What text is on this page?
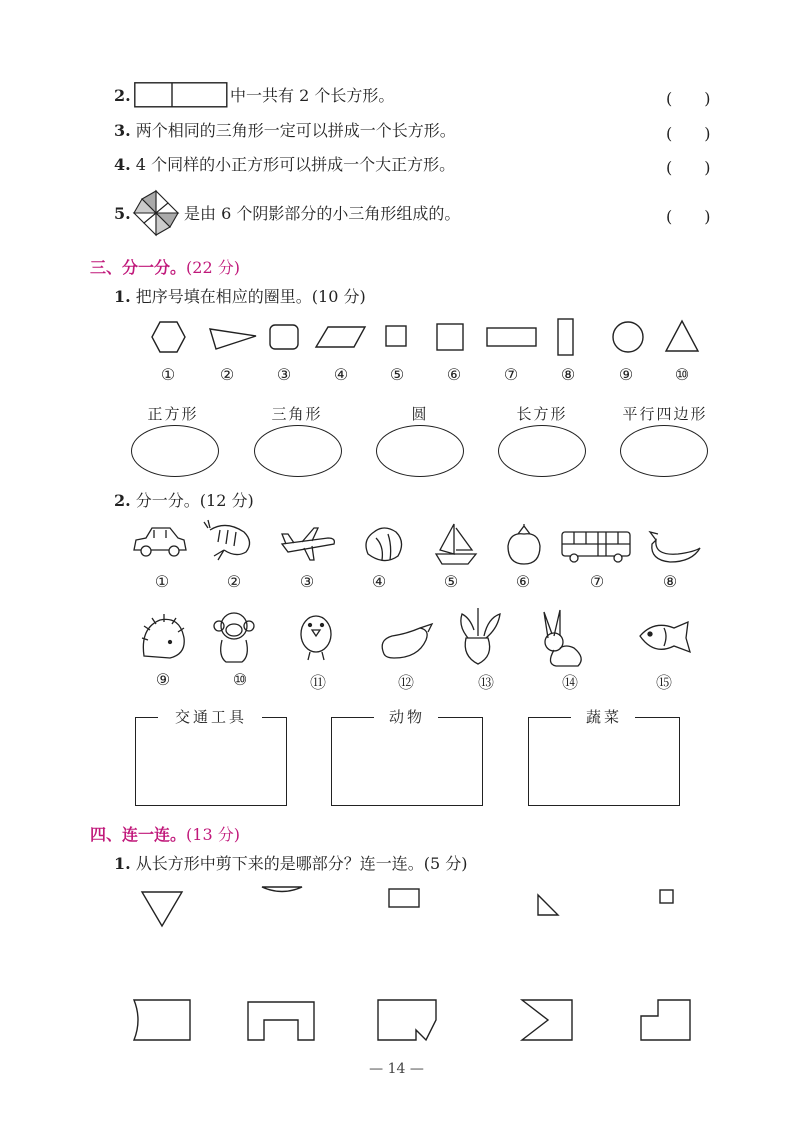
2.	中一共有 2 个长方形。	(　　)
3. 两个相同的三角形一定可以拼成一个长方形。	(　　)
4. 4 个同样的小正方形可以拼成一个大正方形。	(　　)
5.	是由 6 个阴影部分的小三角形组成的。	(　　)
三、分一分。(22 分)
1. 把序号填在相应的圈里。(10 分)
①	②	③	④	⑤	⑥	⑦	⑧	⑨	⑩
正方形	三角形	圆	长方形	平行四边形
2. 分一分。(12 分)
①	②	③	④	⑤	⑥	⑦	⑧
⑨	⑩	⑪	⑫	⑬	⑭	⑮
交通工具	动物	蔬菜
四、连一连。(13 分)
1. 从长方形中剪下来的是哪部分？连一连。(5 分)
— 14 —
